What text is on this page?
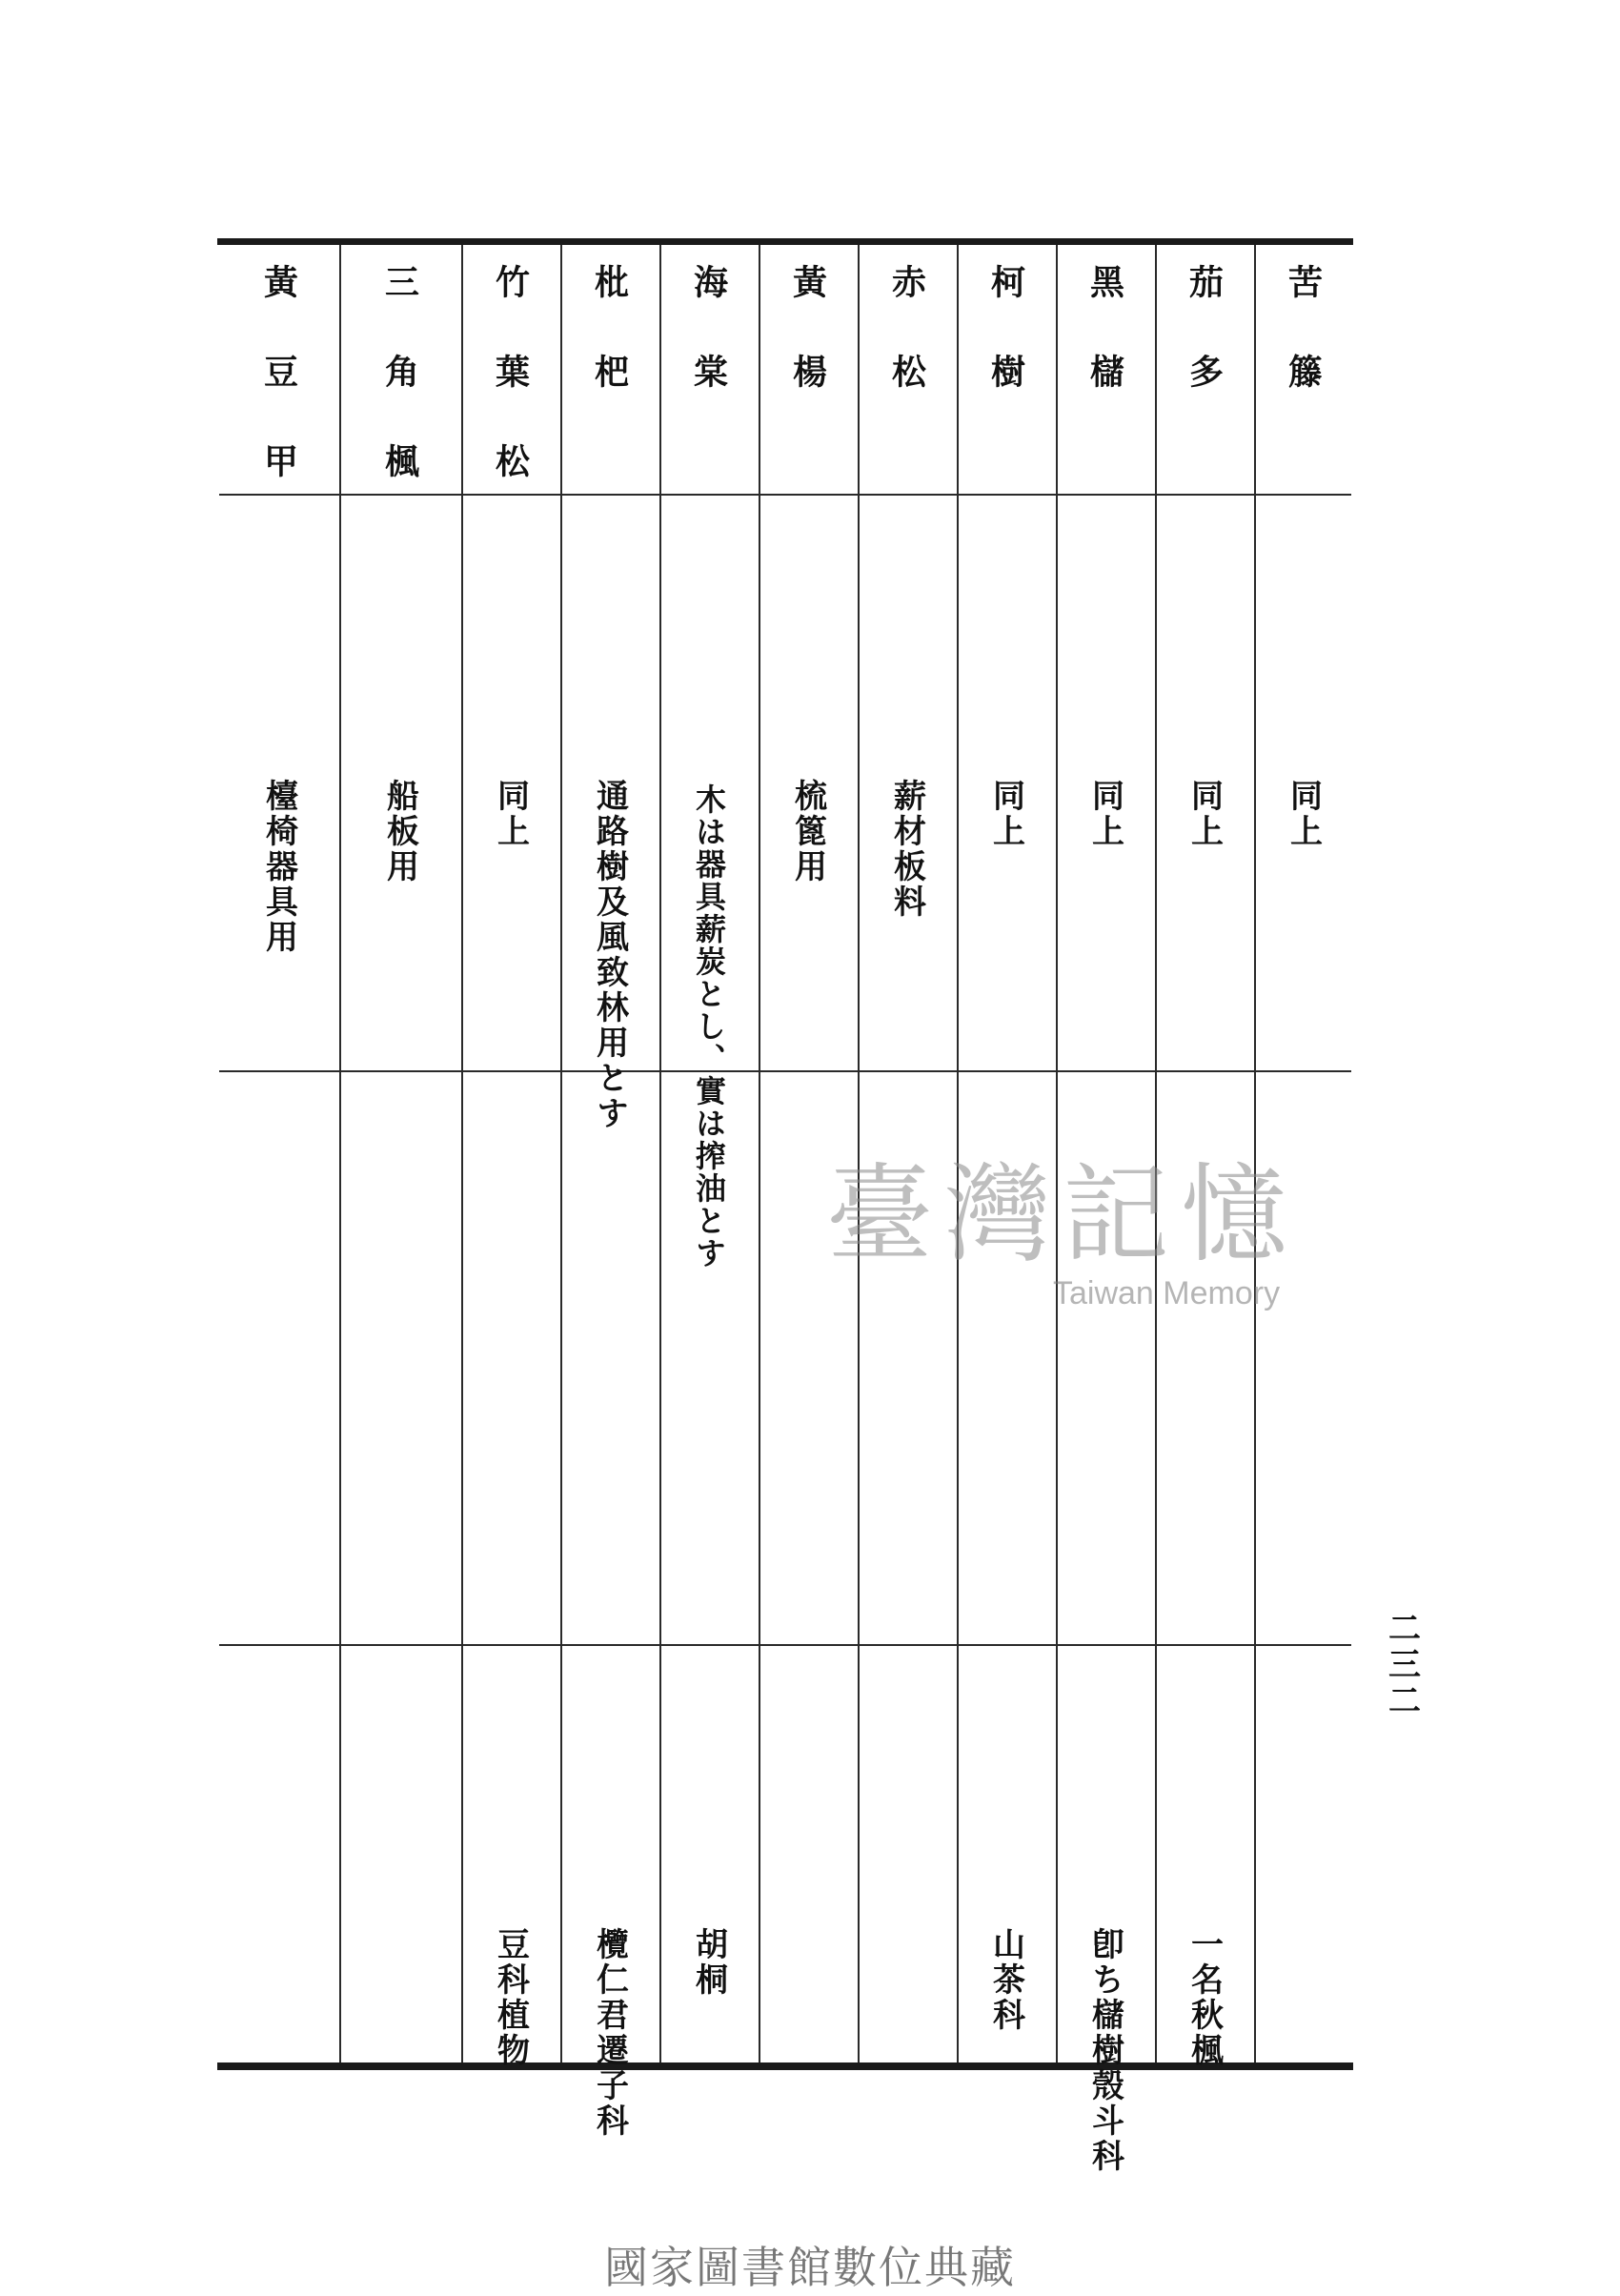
苦籐
同上
茄多
同上
一名秋楓
黑櫧
同上
卽ち櫧樹殼斗科
柯樹
同上
山茶科
赤松
薪材板料
黃楊
梳篦用
海棠
木は器具薪炭とし、實は搾油とす
胡桐
枇杷
通路樹及風致林用とす
欖仁君遷子科
竹葉松
同上
豆科植物
三角楓
船板用
黃豆甲
檯椅器具用
二三二
臺灣記憶
Taiwan Memory
國家圖書館數位典藏
